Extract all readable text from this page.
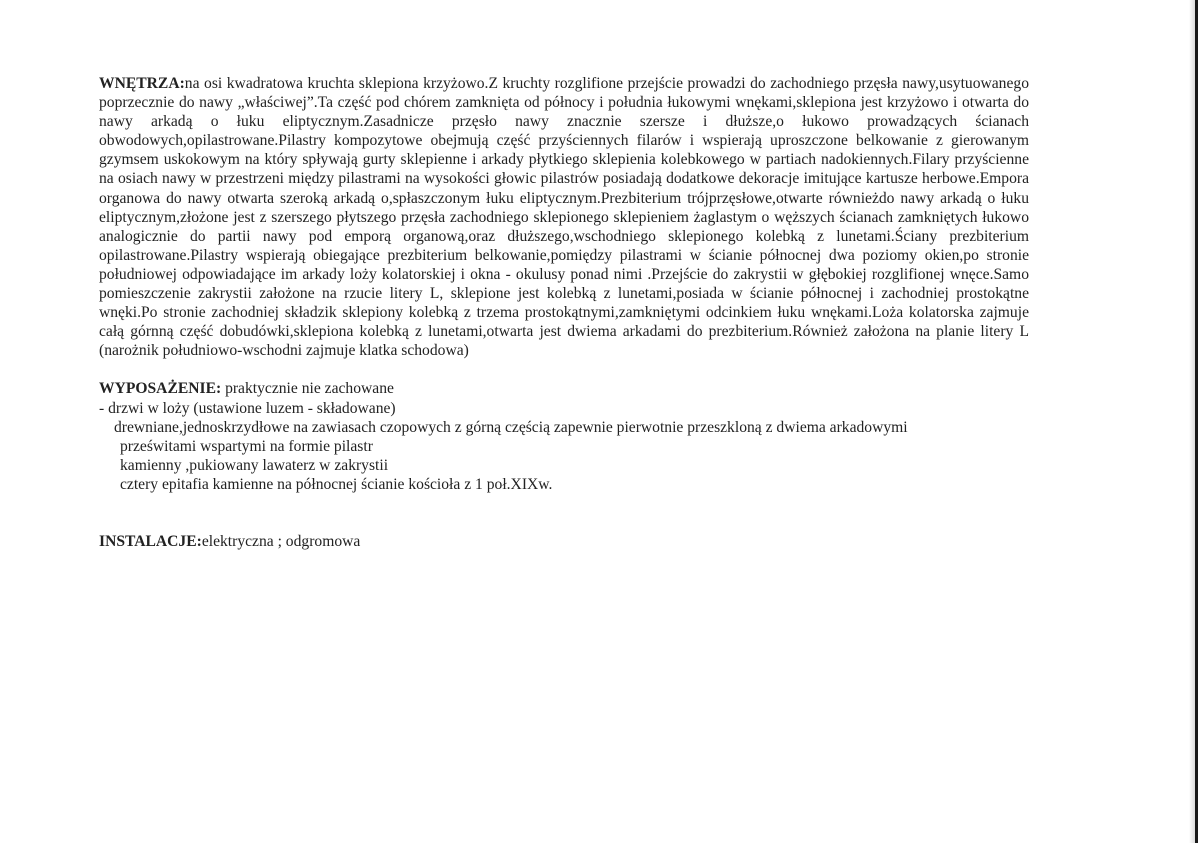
WNĘTRZA:na osi kwadratowa kruchta sklepiona krzyżowo.Z kruchty rozglifione przejście prowadzi do zachodniego przęsła nawy,usytuowanego poprzecznie do nawy „właściwej”.Ta część pod chórem zamknięta od północy i południa łukowymi wnękami,sklepiona jest krzyżowo i otwarta do nawy arkadą o łuku eliptycznym.Zasadnicze przęsło nawy znacznie szersze i dłuższe,o łukowo prowadzących ścianach obwodowych,opilastrowane.Pilastry kompozytowe obejmują część przyściennych filarów i wspierają uproszczone belkowanie z gierowanym gzymsem uskokowym na który spływają gurty sklepienne i arkady płytkiego sklepienia kolebkowego w partiach nadokiennych.Filary przyścienne na osiach nawy w przestrzeni między pilastrami na wysokości głowic pilastrów posiadają dodatkowe dekoracje imitujące kartusze herbowe.Empora organowa do nawy otwarta szeroką arkadą o,spłaszczonym łuku eliptycznym.Prezbiterium trójprzęsłowe,otwarte równieżdo nawy arkadą o łuku eliptycznym,złożone jest z szerszego płytszego przęsła zachodniego sklepionego sklepieniem żaglastym o węższych ścianach zamkniętych łukowo analogicznie do partii nawy pod emporą organową,oraz dłuższego,wschodniego sklepionego kolebką z lunetami.Ściany prezbiterium opilastrowane.Pilastry wspierają obiegające prezbiterium belkowanie,pomiędzy pilastrami w ścianie północnej dwa poziomy okien,po stronie południowej odpowiadające im arkady loży kolatorskiej i okna - okulusy ponad nimi .Przejście do zakrystii w głębokiej rozglifionej wnęce.Samo pomieszczenie zakrystii założone na rzucie litery L, sklepione jest kolebką z lunetami,posiada w ścianie północnej i zachodniej prostokątne wnęki.Po stronie zachodniej składzik sklepiony kolebką z trzema prostokątnymi,zamkniętymi odcinkiem łuku wnękami.Loża kolatorska zajmuje całą górnną część dobudówki,sklepiona kolebką z lunetami,otwarta jest dwiema arkadami do prezbiterium.Również założona na planie litery L (narożnik południowo-wschodni zajmuje klatka schodowa)

WYPOSAŻENIE: praktycznie nie zachowane
- drzwi w loży (ustawione luzem - składowane)
drewniane,jednoskrzydłowe na zawiasach czopowych z górną częścią zapewnie pierwotnie przeszkloną z dwiema arkadowymi
prześwitami wspartymi na formie pilastr
kamienny ,pukiowany lawaterz w zakrystii
cztery epitafia kamienne na północnej ścianie kościoła z 1 poł.XIXw.
INSTALACJE:elektryczna ; odgromowa
